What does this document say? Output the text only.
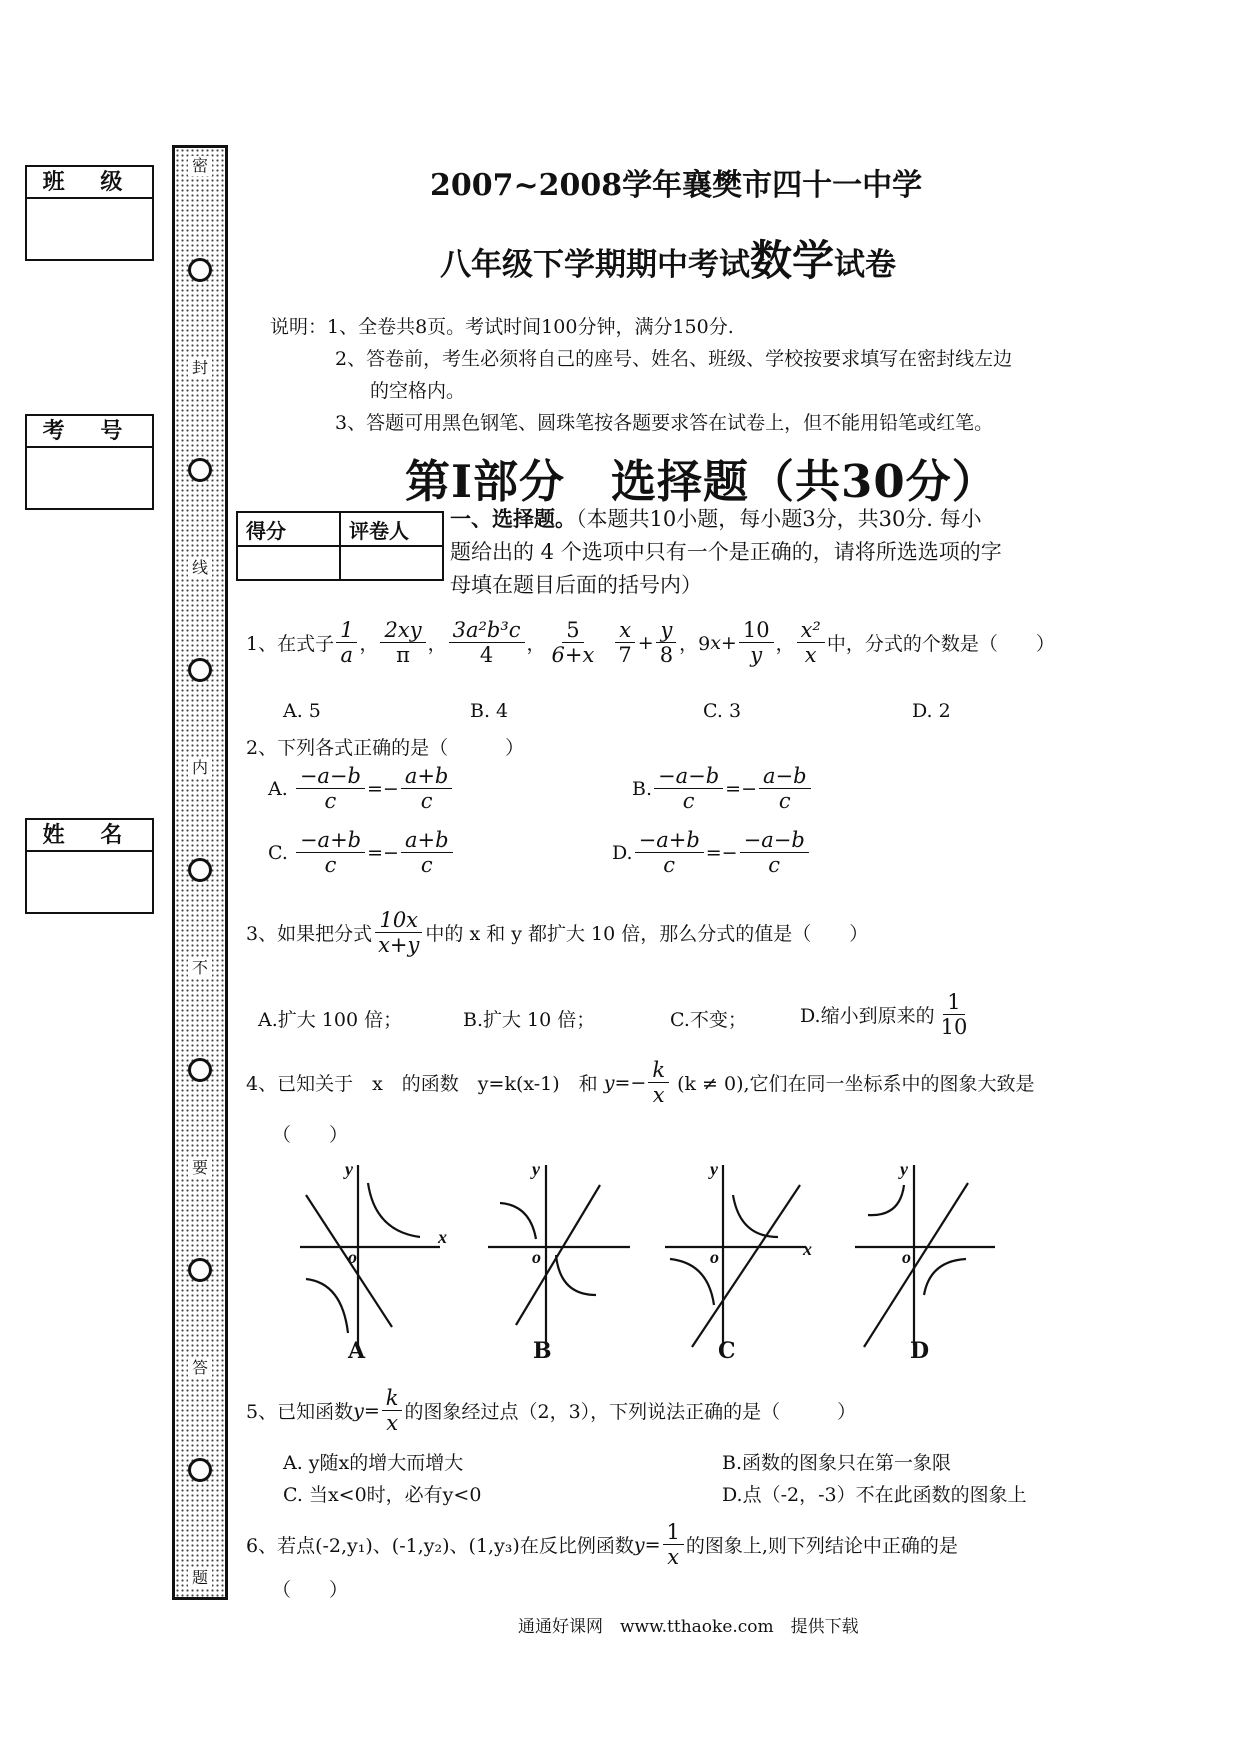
班 级
考 号
姓 名
密
封
线
内
不
要
答
题
2007~2008学年襄樊市四十一中学
八年级下学期期中考试数学试卷
说明：1、全卷共8页。考试时间100分钟，满分150分.
2、答卷前，考生必须将自己的座号、姓名、班级、学校按要求填写在密封线左边
的空格内。
3、答题可用黑色钢笔、圆珠笔按各题要求答在试卷上，但不能用铅笔或红笔。
第Ⅰ部分　选择题（共30分）
得分	评卷人
	一、选择题。（本题共10小题，每小题3分，共30分. 每小
题给出的 4 个选项中只有一个是正确的，请将所选选项的字
母填在题目后面的括号内）
1、在式子 $\frac{1}{a}$ ， $\frac{2xy}{\pi}$ ， $\frac{\text{3a²b³c}}{4}$ ， $\frac{5}{6+x}$
$\frac{x}{7} + \frac{y}{8}$ ，9 $x + \frac{10}{y}$ ， $\frac{\text{x²}}{x}$ 中，分式的个数是（　　）
A. 5	B. 4	C. 3	D. 2
2、下列各式正确的是（　　　）
A.
$\frac{-a-b}{c} =- \frac{a+b}{c}$	B. $\frac{-a-b}{c} =- \frac{a-b}{c}$
C.
$\frac{-a+b}{c} =- \frac{a+b}{c}$	D. $\frac{-a+b}{c} =- \frac{-a-b}{c}$
3、如果把分式 $\frac{10x}{x+y}$ 中的 x 和 y 都扩大 10 倍，那么分式的值是（　　）
A.扩大 100 倍；	B.扩大 10 倍；	C.不变；	D.缩小到原来的 $\frac{1}{10}$
4、已知关于　x　的函数　y=k(x-1)　和
$y =- \frac{k}{x}$
(k ≠ 0),它们在同一坐标系中的图象大致是
（　　）
y
x
o
y
o
y
x
o
y
o
A	B	C	D
5、已知函数 $y = \frac{k}{x}$ 的图象经过点（2，3），下列说法正确的是（　　　）
A. y随x的增大而增大	B.函数的图象只在第一象限
C. 当x<0时，必有y<0	D.点（-2，-3）不在此函数的图象上
6、若点(-2,y₁)、(-1,y₂)、(1,y₃)在反比例函数 $y = \frac{1}{x}$ 的图象上,则下列结论中正确的是
（　　）
通通好课网　www.tthaoke.com　提供下载
